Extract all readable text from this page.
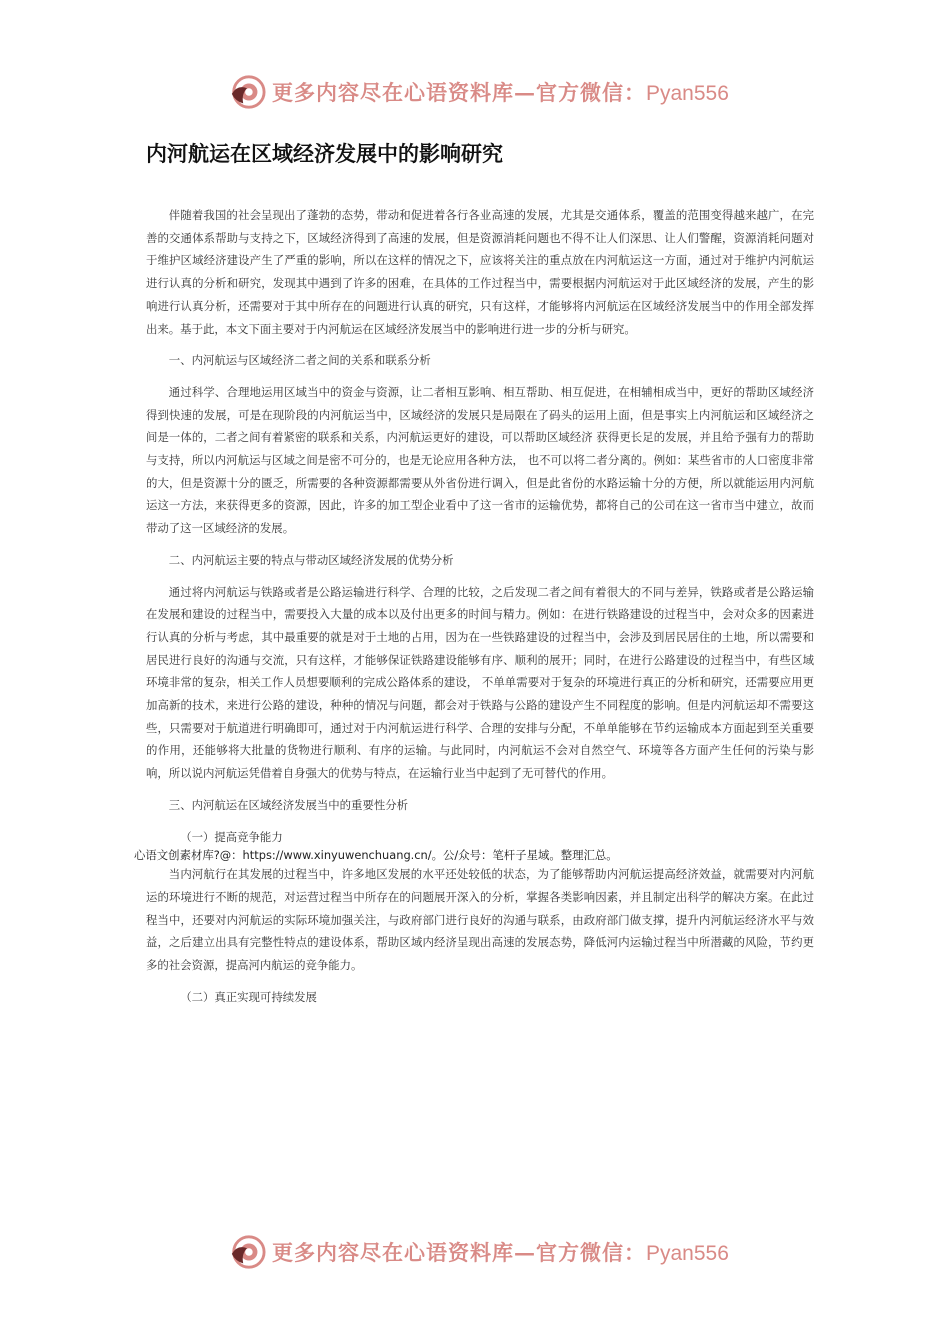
更多内容尽在心语资料库—官方微信：Pyan556
内河航运在区域经济发展中的影响研究

伴随着我国的社会呈现出了蓬勃的态势，带动和促进着各行各业高速的发展，尤其是交通体系，覆盖的范围变得越来越广，在完善的交通体系帮助与支持之下，区域经济得到了高速的发展，但是资源消耗问题也不得不让人们深思、让人们警醒，资源消耗问题对于维护区域经济建设产生了严重的影响，所以在这样的情况之下，应该将关注的重点放在内河航运这一方面，通过对于维护内河航运进行认真的分析和研究，发现其中遇到了许多的困难，在具体的工作过程当中，需要根据内河航运对于此区域经济的发展，产生的影响进行认真分析，还需要对于其中所存在的问题进行认真的研究，只有这样，才能够将内河航运在区域经济发展当中的作用全部发挥出来。基于此，本文下面主要对于内河航运在区域经济发展当中的影响进行进一步的分析与研究。

一、内河航运与区域经济二者之间的关系和联系分析

通过科学、合理地运用区域当中的资金与资源，让二者相互影响、相互帮助、相互促进，在相辅相成当中，更好的帮助区域经济得到快速的发展，可是在现阶段的内河航运当中，区域经济的发展只是局限在了码头的运用上面，但是事实上内河航运和区域经济之间是一体的，二者之间有着紧密的联系和关系，内河航运更好的建设，可以帮助区域经济 获得更长足的发展，并且给予强有力的帮助与支持，所以内河航运与区域之间是密不可分的，也是无论应用各种方法， 也不可以将二者分离的。例如：某些省市的人口密度非常的大，但是资源十分的匮乏，所需要的各种资源都需要从外省份进行调入，但是此省份的水路运输十分的方便，所以就能运用内河航运这一方法，来获得更多的资源，因此，许多的加工型企业看中了这一省市的运输优势，都将自己的公司在这一省市当中建立，故而带动了这一区域经济的发展。

二、内河航运主要的特点与带动区域经济发展的优势分析

通过将内河航运与铁路或者是公路运输进行科学、合理的比较，之后发现二者之间有着很大的不同与差异，铁路或者是公路运输在发展和建设的过程当中，需要投入大量的成本以及付出更多的时间与精力。例如：在进行铁路建设的过程当中，会对众多的因素进行认真的分析与考虑，其中最重要的就是对于土地的占用，因为在一些铁路建设的过程当中，会涉及到居民居住的土地，所以需要和居民进行良好的沟通与交流，只有这样，才能够保证铁路建设能够有序、顺利的展开；同时，在进行公路建设的过程当中，有些区域环境非常的复杂，相关工作人员想要顺利的完成公路体系的建设， 不单单需要对于复杂的环境进行真正的分析和研究，还需要应用更加高新的技术，来进行公路的建设，种种的情况与问题，都会对于铁路与公路的建设产生不同程度的影响。但是内河航运却不需要这些，只需要对于航道进行明确即可，通过对于内河航运进行科学、合理的安排与分配，不单单能够在节约运输成本方面起到至关重要的作用，还能够将大批量的货物进行顺利、有序的运输。与此同时，内河航运不会对自然空气、环境等各方面产生任何的污染与影响，所以说内河航运凭借着自身强大的优势与特点，在运输行业当中起到了无可替代的作用。

三、内河航运在区域经济发展当中的重要性分析

（一）提高竞争能力

心语文创素材库?@：https://www.xinyuwenchuang.cn/。公/众号：笔杆子星域。整理汇总。

当内河航行在其发展的过程当中，许多地区发展的水平还处较低的状态，为了能够帮助内河航运提高经济效益，就需要对内河航运的环境进行不断的规范，对运营过程当中所存在的问题展开深入的分析，掌握各类影响因素，并且制定出科学的解决方案。在此过程当中，还要对内河航运的实际环境加强关注，与政府部门进行良好的沟通与联系，由政府部门做支撑，提升内河航运经济水平与效益，之后建立出具有完整性特点的建设体系，帮助区域内经济呈现出高速的发展态势，降低河内运输过程当中所潜藏的风险，节约更多的社会资源，提高河内航运的竞争能力。

（二）真正实现可持续发展

更多内容尽在心语资料库—官方微信：Pyan556
